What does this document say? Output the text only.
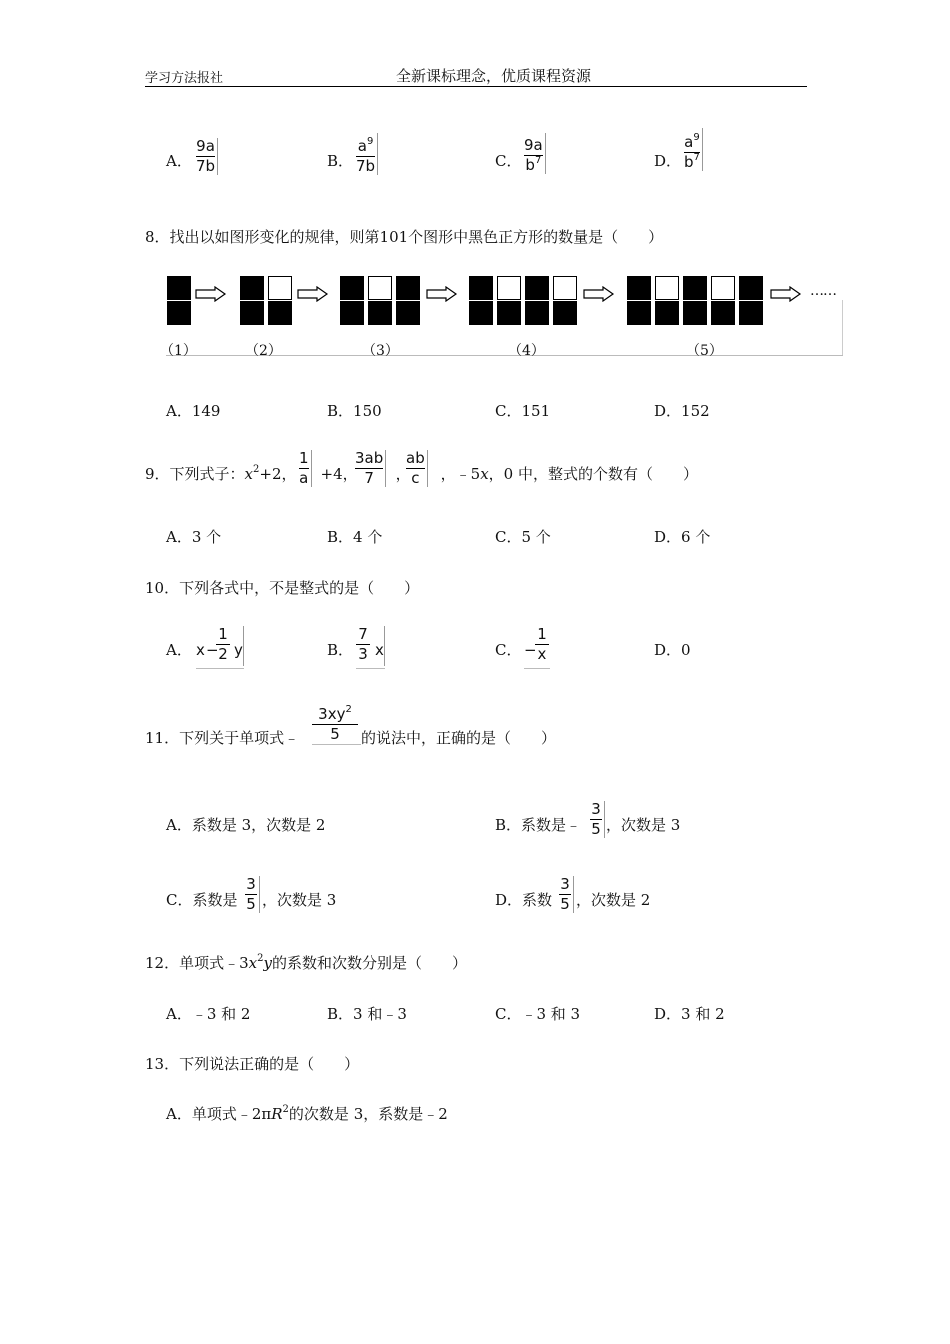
学习方法报社	全新课标理念，优质课程资源
A．
9a
7b	B．
$a^9$
7b	C．
9a
$b^7$	D．
$a^9$
$b^7$
8．找出以如图形变化的规律，则第101个图形中黑色正方形的数量是（　　）
……
（1）	（2）	（3）	（4）	（5）
A．149	B．150	C．151	D．152
9．下列式子：$x^2+2$， +4，	， ，﹣5x，0 中，整式的个数有（　　）
1
a
3ab
7
ab
c
A．3 个	B．4 个	C．5 个	D．6 个
10．下列各式中，不是整式的是（　　）
A． x −
1
2 y	B．
7
3 x	C． −
1
x	D．0
11．下列关于单项式﹣
$3xy^2$
5	的说法中，正确的是（　　）
A．系数是 3，次数是 2	B．系数是﹣
3
5 ，次数是 3
C．系数是
3
5 ，次数是 3	D．系数
3
5 ，次数是 2
12．单项式$﹣3x^2y$的系数和次数分别是（　　）
A．﹣3 和 2	B．3 和﹣3	C．﹣3 和 3	D．3 和 2
13．下列说法正确的是（　　）
A．单项式$﹣2\pi R^2$的次数是 3，系数是﹣2
